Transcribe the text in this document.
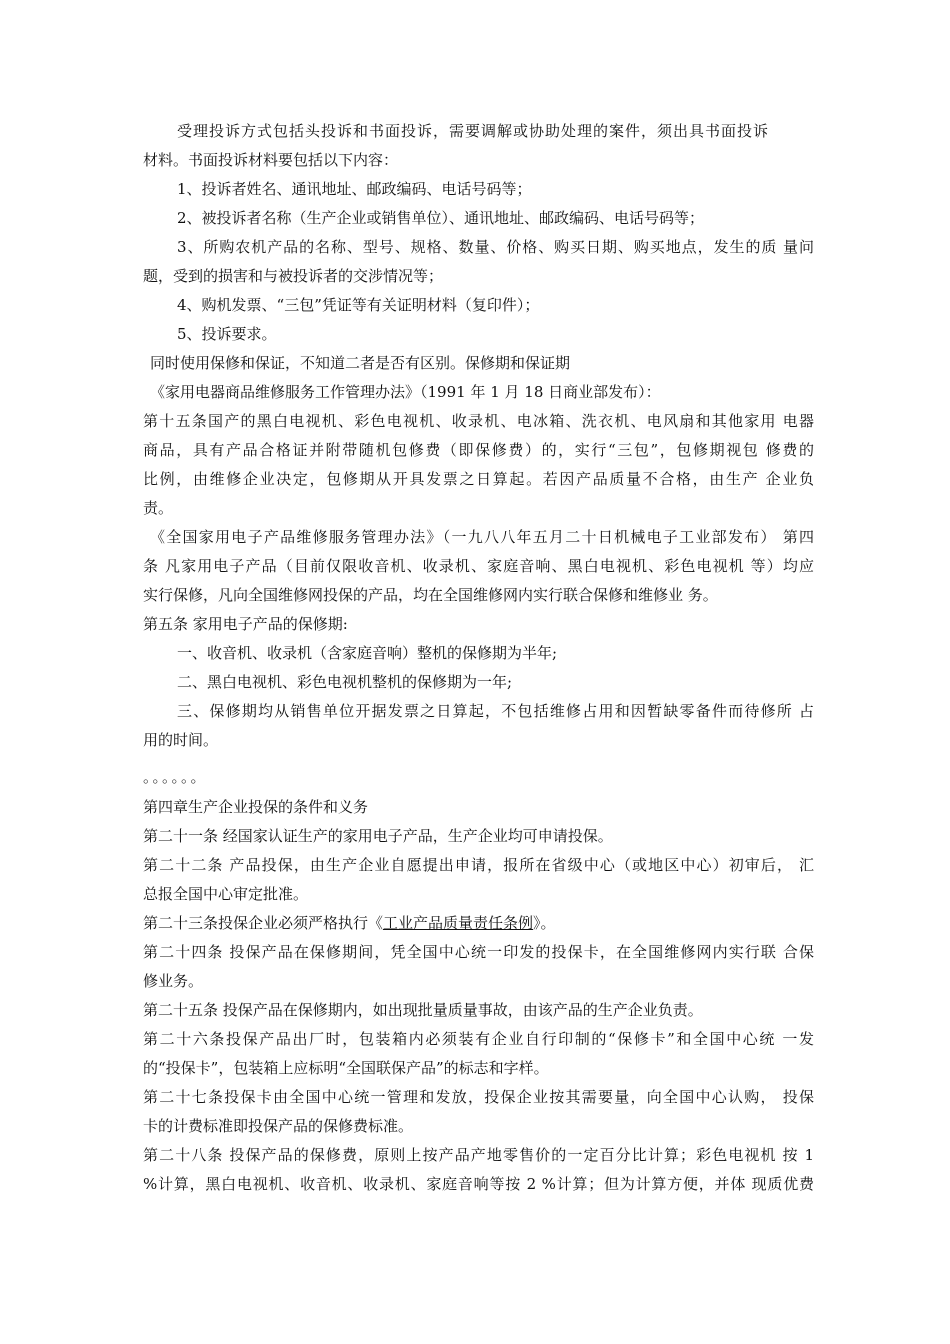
受理投诉方式包括头投诉和书面投诉，需要调解或协助处理的案件，须出具书面投诉

材料。书面投诉材料要包括以下内容：

1、投诉者姓名、通讯地址、邮政编码、电话号码等；

2、被投诉者名称（生产企业或销售单位）、通讯地址、邮政编码、电话号码等；

3、所购农机产品的名称、型号、规格、数量、价格、购买日期、购买地点，发生的质 量问

题，受到的损害和与被投诉者的交涉情况等；

4、购机发票、“三包”凭证等有关证明材料（复印件）；

5、投诉要求。

同时使用保修和保证，不知道二者是否有区别。保修期和保证期

《家用电器商品维修服务工作管理办法》（1991 年 1 月 18 日商业部发布）：

第十五条国产的黑白电视机、彩色电视机、收录机、电冰箱、洗衣机、电风扇和其他家用 电器

商品，具有产品合格证并附带随机包修费（即保修费）的，实行“三包”，包修期视包 修费的

比例，由维修企业决定，包修期从开具发票之日算起。若因产品质量不合格，由生产 企业负

责。

《全国家用电子产品维修服务管理办法》（一九八八年五月二十日机械电子工业部发布） 第四

条 凡家用电子产品（目前仅限收音机、收录机、家庭音响、黑白电视机、彩色电视机 等）均应

实行保修，凡向全国维修网投保的产品，均在全国维修网内实行联合保修和维修业 务。

第五条 家用电子产品的保修期:

一、收音机、收录机（含家庭音响）整机的保修期为半年;

二、黑白电视机、彩色电视机整机的保修期为一年;

三、保修期均从销售单位开据发票之日算起，不包括维修占用和因暂缺零备件而待修所 占

用的时间。

。。。。。。

第四章生产企业投保的条件和义务

第二十一条 经国家认证生产的家用电子产品，生产企业均可申请投保。

第二十二条 产品投保，由生产企业自愿提出申请，报所在省级中心（或地区中心）初审后， 汇

总报全国中心审定批准。

第二十三条投保企业必须严格执行《工业产品质量责任条例》。

第二十四条 投保产品在保修期间，凭全国中心统一印发的投保卡，在全国维修网内实行联 合保

修业务。

第二十五条 投保产品在保修期内，如出现批量质量事故，由该产品的生产企业负责。

第二十六条投保产品出厂时，包装箱内必须装有企业自行印制的“保修卡”和全国中心统 一发

的“投保卡”，包装箱上应标明“全国联保产品”的标志和字样。

第二十七条投保卡由全国中心统一管理和发放，投保企业按其需要量，向全国中心认购， 投保

卡的计费标准即投保产品的保修费标准。

第二十八条 投保产品的保修费，原则上按产品产地零售价的一定百分比计算；彩色电视机 按 1

%计算，黑白电视机、收音机、收录机、家庭音响等按 2 %计算；但为计算方便，并体 现质优费
